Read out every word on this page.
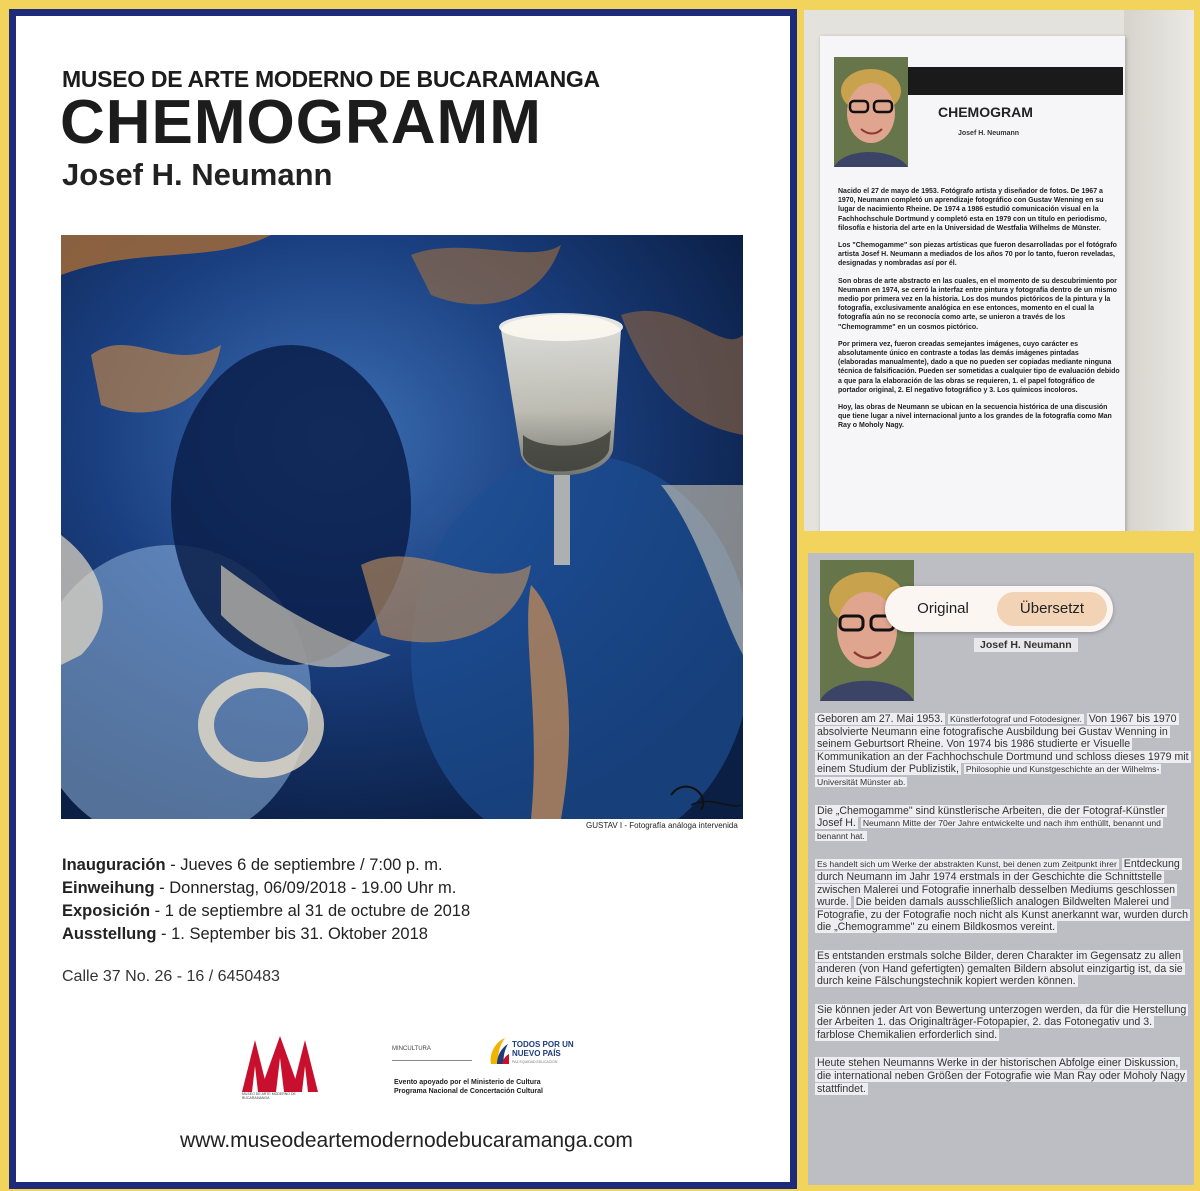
MUSEO DE ARTE MODERNO DE BUCARAMANGA
CHEMOGRAMM
Josef H. Neumann
GUSTAV I - Fotografía análoga intervenida
Inauguración - Jueves 6 de septiembre / 7:00 p. m.
Einweihung - Donnerstag, 06/09/2018 - 19.00 Uhr m.
Exposición - 1 de septiembre al 31 de octubre de 2018
Ausstellung - 1. September bis 31. Oktober 2018
Calle 37 No. 26 - 16 / 6450483
MUSEO DE ARTE MODERNO DE BUCARAMANGA
MINCULTURA	TODOS POR UN
NUEVO PAÍS
PAZ EQUIDAD EDUCACIÓN
Evento apoyado por el Ministerio de Cultura
Programa Nacional de Concertación Cultural
www.museodeartemodernodebucaramanga.com
CHEMOGRAM
Josef H. Neumann

Nacido el 27 de mayo de 1953. Fotógrafo artista y diseñador de fotos. De 1967 a 1970, Neumann completó un aprendizaje fotográfico con Gustav Wenning en su lugar de nacimiento Rheine. De 1974 a 1986 estudió comunicación visual en la Fachhochschule Dortmund y completó esta en 1979 con un título en periodismo, filosofía e historia del arte en la Universidad de Westfalia Wilhelms de Münster.

Los "Chemogamme" son piezas artísticas que fueron desarrolladas por el fotógrafo artista Josef H. Neumann a mediados de los años 70 por lo tanto, fueron reveladas, designadas y nombradas así por él.

Son obras de arte abstracto en las cuales, en el momento de su descubrimiento por Neumann en 1974, se cerró la interfaz entre pintura y fotografía dentro de un mismo medio por primera vez en la historia. Los dos mundos pictóricos de la pintura y la fotografía, exclusivamente analógica en ese entonces, momento en el cual la fotografía aún no se reconocía como arte, se unieron a través de los "Chemogramme" en un cosmos pictórico.

Por primera vez, fueron creadas semejantes imágenes, cuyo carácter es absolutamente único en contraste a todas las demás imágenes pintadas (elaboradas manualmente), dado a que no pueden ser copiadas mediante ninguna técnica de falsificación. Pueden ser sometidas a cualquier tipo de evaluación debido a que para la elaboración de las obras se requieren, 1. el papel fotográfico de portador original, 2. El negativo fotográfico y 3. Los químicos incoloros.

Hoy, las obras de Neumann se ubican en la secuencia histórica de una discusión que tiene lugar a nivel internacional junto a los grandes de la fotografía como Man Ray o Moholy Nagy.

Original	Übersetzt
Josef H. Neumann
Geboren am 27. Mai 1953. Künstlerfotograf und Fotodesigner. Von 1967 bis 1970 absolvierte Neumann eine fotografische Ausbildung bei Gustav Wenning in seinem Geburtsort Rheine. Von 1974 bis 1986 studierte er Visuelle Kommunikation an der Fachhochschule Dortmund und schloss dieses 1979 mit einem Studium der Publizistik, Philosophie und Kunstgeschichte an der Wilhelms-Universität Münster ab.
Die „Chemogamme" sind künstlerische Arbeiten, die der Fotograf-Künstler Josef H. Neumann Mitte der 70er Jahre entwickelte und nach ihm enthüllt, benannt und benannt hat.
Es handelt sich um Werke der abstrakten Kunst, bei denen zum Zeitpunkt ihrer Entdeckung durch Neumann im Jahr 1974 erstmals in der Geschichte die Schnittstelle zwischen Malerei und Fotografie innerhalb desselben Mediums geschlossen wurde. Die beiden damals ausschließlich analogen Bildwelten Malerei und Fotografie, zu der Fotografie noch nicht als Kunst anerkannt war, wurden durch die „Chemogramme" zu einem Bildkosmos vereint.
Es entstanden erstmals solche Bilder, deren Charakter im Gegensatz zu allen anderen (von Hand gefertigten) gemalten Bildern absolut einzigartig ist, da sie durch keine Fälschungstechnik kopiert werden können.
Sie können jeder Art von Bewertung unterzogen werden, da für die Herstellung der Arbeiten 1. das Originalträger-Fotopapier, 2. das Fotonegativ und 3. farblose Chemikalien erforderlich sind.
Heute stehen Neumanns Werke in der historischen Abfolge einer Diskussion, die international neben Größen der Fotografie wie Man Ray oder Moholy Nagy stattfindet.
